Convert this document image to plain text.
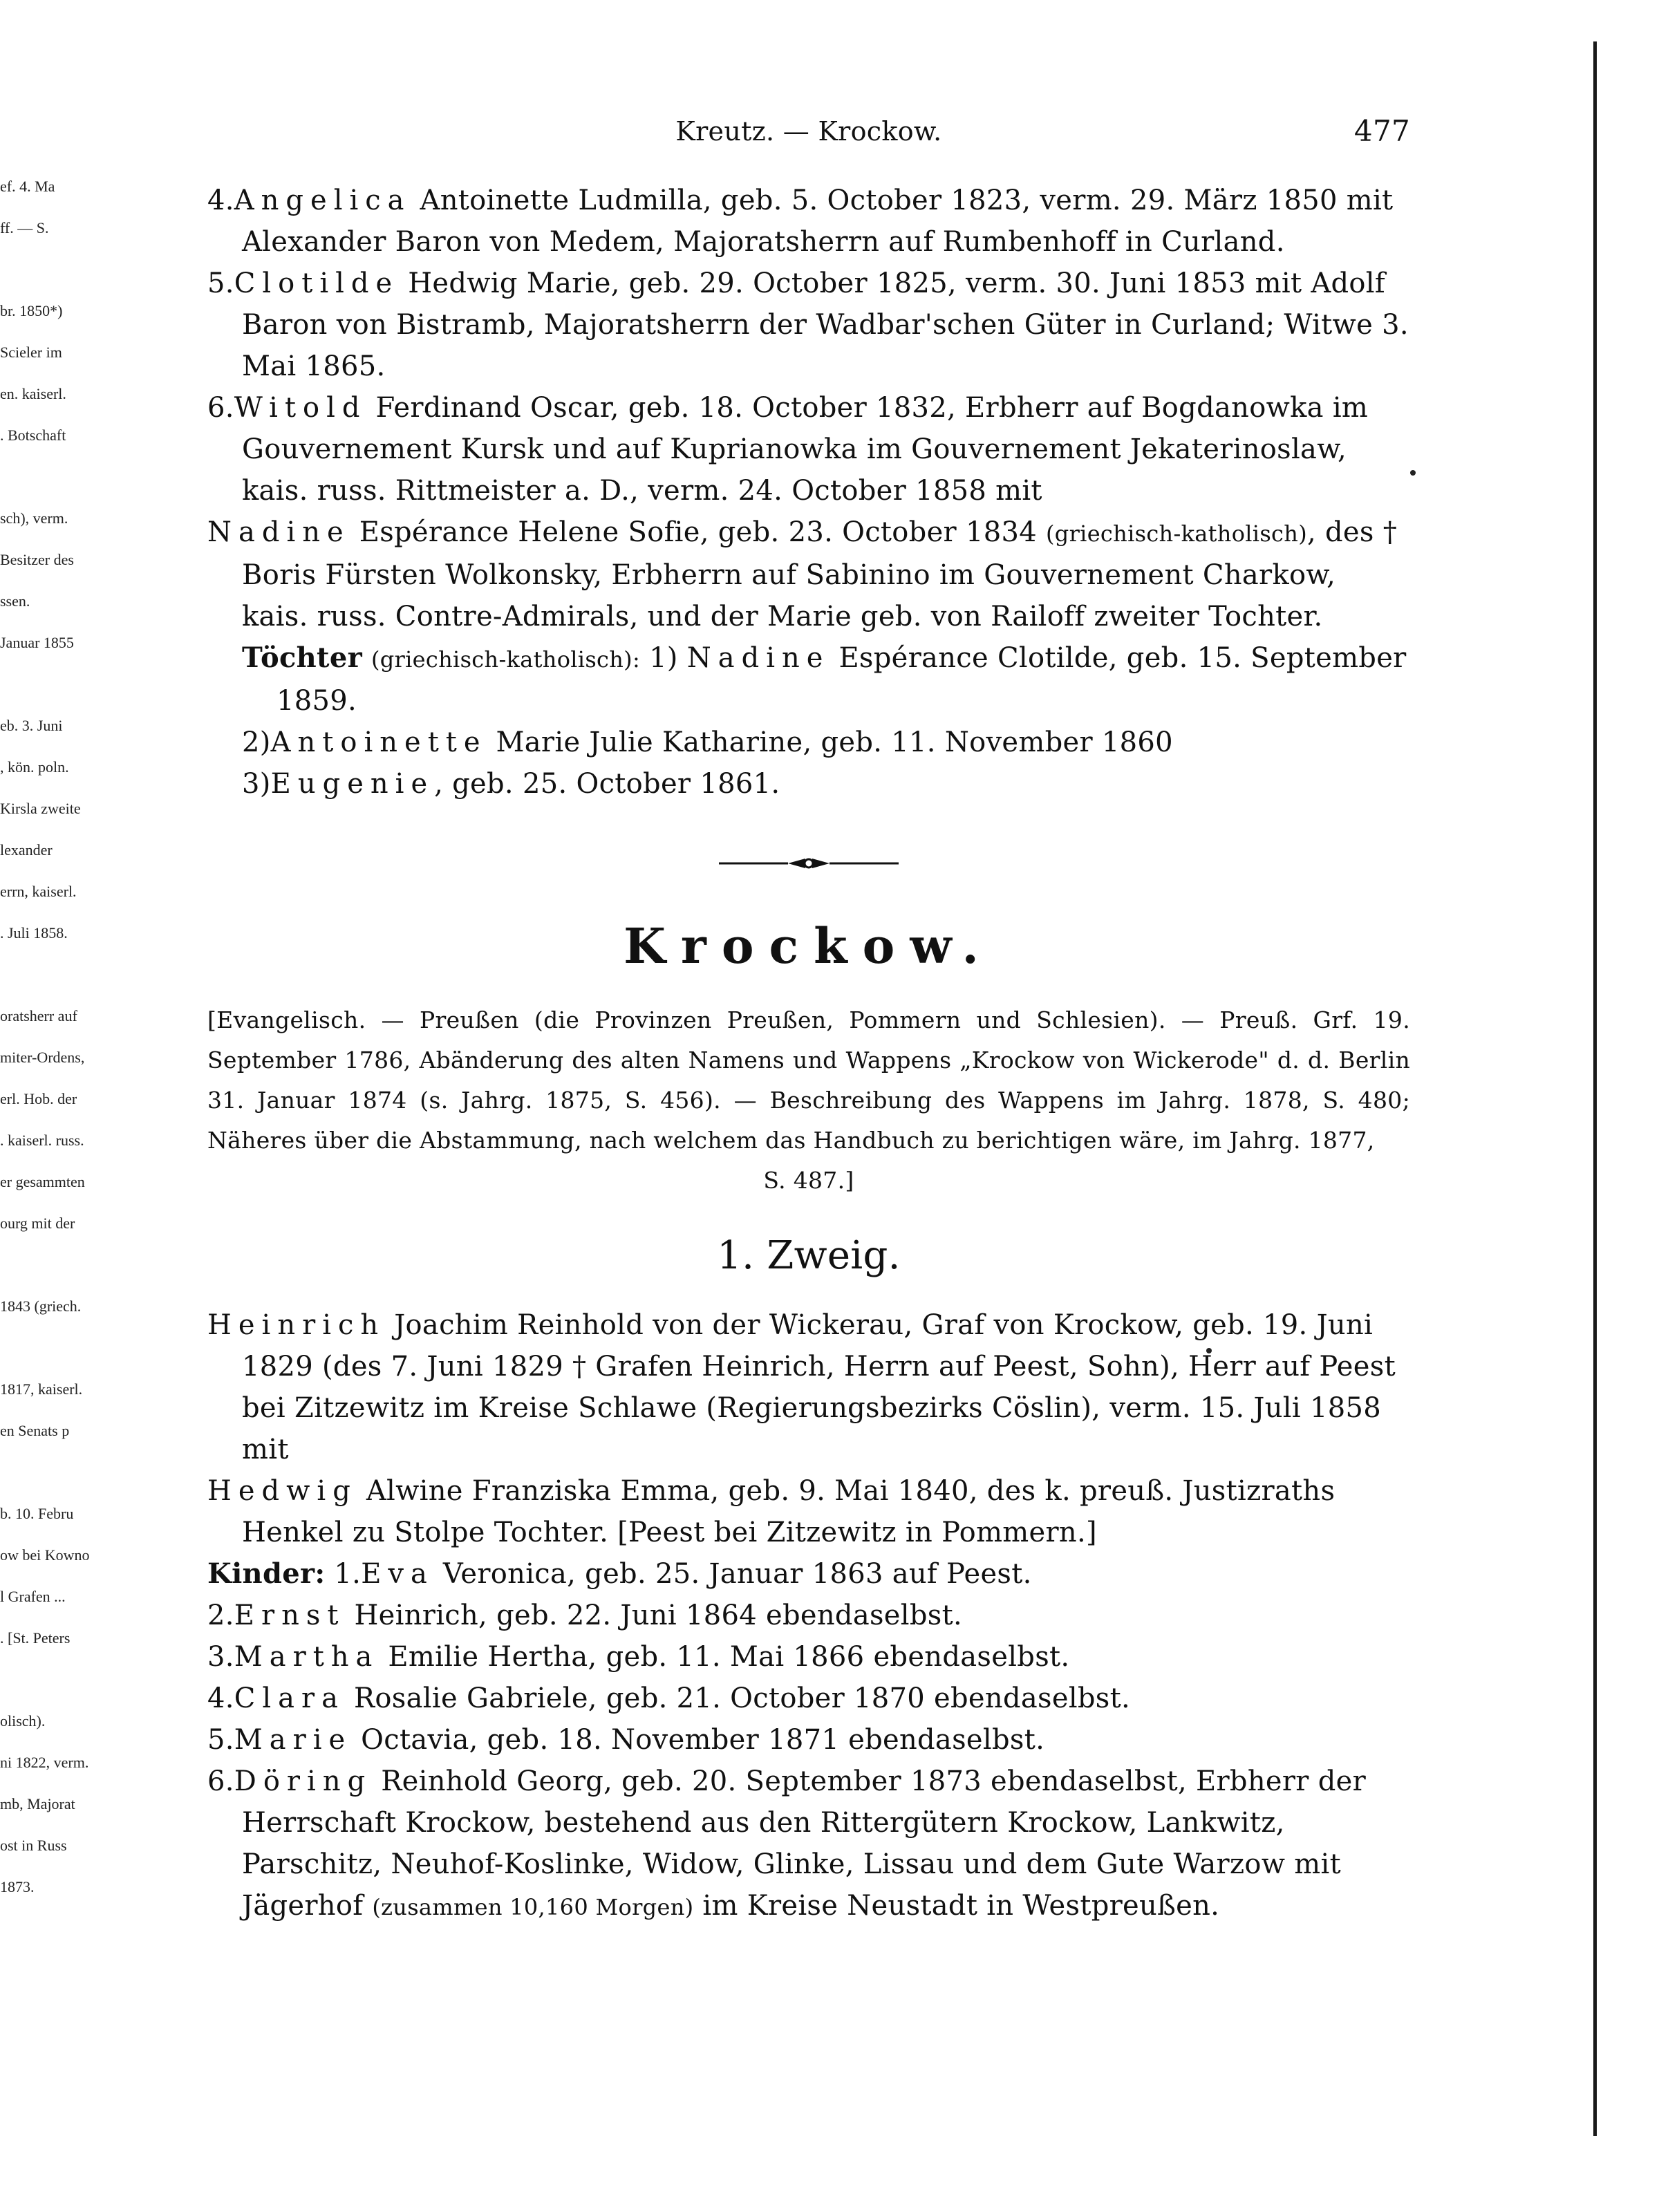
ef. 4. Ma
ff. — S.
br. 1850*)
Scieler im
en. kaiserl.
. Botschaft
sch), verm.
Besitzer des
ssen.
Januar 1855
eb. 3. Juni
, kön. poln.
Kirsla zweite
lexander
errn, kaiserl.
. Juli 1858.
oratsherr auf
miter-Ordens,
erl. Hob. der
. kaiserl. russ.
er gesammten
ourg mit der
1843 (griech.
1817, kaiserl.
en Senats p
b. 10. Febru
ow bei Kowno
l Grafen ...
. [St. Peters
olisch).
ni 1822, verm.
mb, Majorat
ost in Russ
1873.
Kreutz. — Krockow.	477

4.Angelica Antoinette Ludmilla, geb. 5. October 1823, verm. 29. März 1850 mit Alexander Baron von Medem, Majoratsherrn auf Rumbenhoff in Curland.

5.Clotilde Hedwig Marie, geb. 29. October 1825, verm. 30. Juni 1853 mit Adolf Baron von Bistramb, Majoratsherrn der Wadbar'schen Güter in Curland; Witwe 3. Mai 1865.

6.Witold Ferdinand Oscar, geb. 18. October 1832, Erbherr auf Bogdanowka im Gouvernement Kursk und auf Kuprianowka im Gouvernement Jekaterinoslaw, kais. russ. Rittmeister a. D., verm. 24. October 1858 mit

Nadine Espérance Helene Sofie, geb. 23. October 1834 (griechisch-katholisch), des † Boris Fürsten Wolkonsky, Erbherrn auf Sabinino im Gouvernement Charkow, kais. russ. Contre-Admirals, und der Marie geb. von Railoff zweiter Tochter.

Töchter (griechisch-katholisch): 1) Nadine Espérance Clotilde, geb. 15. September 1859.

2)Antoinette Marie Julie Katharine, geb. 11. November 1860

3)Eugenie, geb. 25. October 1861.

Krockow.

[Evangelisch. — Preußen (die Provinzen Preußen, Pommern und Schlesien). — Preuß. Grf. 19. September 1786, Abänderung des alten Namens und Wappens „Krockow von Wickerode" d. d. Berlin 31. Januar 1874 (s. Jahrg. 1875, S. 456). — Beschreibung des Wappens im Jahrg. 1878, S. 480; Näheres über die Abstammung, nach welchem das Handbuch zu berichtigen wäre, im Jahrg. 1877,
S. 487.]

1. Zweig.

Heinrich Joachim Reinhold von der Wickerau, Graf von Krockow, geb. 19. Juni 1829 (des 7. Juni 1829 † Grafen Heinrich, Herrn auf Peest, Sohn), Herr auf Peest bei Zitzewitz im Kreise Schlawe (Regierungsbezirks Cöslin), verm. 15. Juli 1858 mit

Hedwig Alwine Franziska Emma, geb. 9. Mai 1840, des k. preuß. Justizraths Henkel zu Stolpe Tochter. [Peest bei Zitzewitz in Pommern.]

Kinder: 1.Eva Veronica, geb. 25. Januar 1863 auf Peest.

2.Ernst Heinrich, geb. 22. Juni 1864 ebendaselbst.

3.Martha Emilie Hertha, geb. 11. Mai 1866 ebendaselbst.

4.Clara Rosalie Gabriele, geb. 21. October 1870 ebendaselbst.

5.Marie Octavia, geb. 18. November 1871 ebendaselbst.

6.Döring Reinhold Georg, geb. 20. September 1873 ebendaselbst, Erbherr der Herrschaft Krockow, bestehend aus den Rittergütern Krockow, Lankwitz, Parschitz, Neuhof-Koslinke, Widow, Glinke, Lissau und dem Gute Warzow mit Jägerhof (zusammen 10,160 Morgen) im Kreise Neustadt in Westpreußen.
